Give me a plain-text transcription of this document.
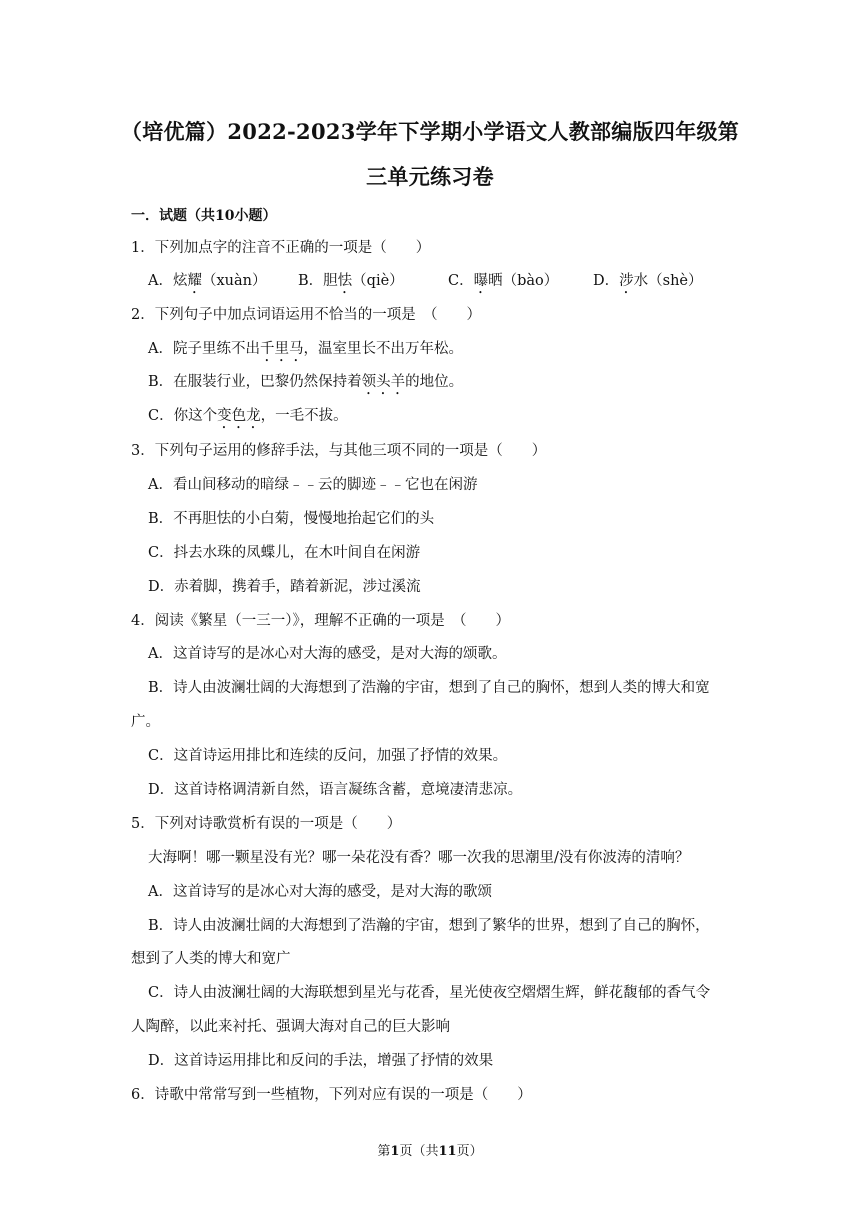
（培优篇）2022-2023学年下学期小学语文人教部编版四年级第
三单元练习卷
一．试题（共10小题）
1．下列加点字的注音不正确的一项是（　　）
A．炫耀（xuàn） B．胆怯（qiè）	C．曝晒（bào） D．涉水（shè）
2．下列句子中加点词语运用不恰当的一项是　（　　）
A．院子里练不出千里马，温室里长不出万年松。
B．在服装行业，巴黎仍然保持着领头羊的地位。
C．你这个变色龙，一毛不拔。
3．下列句子运用的修辞手法，与其他三项不同的一项是（　　）
A．看山间移动的暗绿﹣﹣云的脚迹﹣﹣它也在闲游
B．不再胆怯的小白菊，慢慢地抬起它们的头
C．抖去水珠的凤蝶儿，在木叶间自在闲游
D．赤着脚，携着手，踏着新泥，涉过溪流
4．阅读《繁星（一三一）》，理解不正确的一项是　（　　）
A．这首诗写的是冰心对大海的感受，是对大海的颂歌。
B．诗人由波澜壮阔的大海想到了浩瀚的宇宙，想到了自己的胸怀，想到人类的博大和宽
广。
C．这首诗运用排比和连续的反问，加强了抒情的效果。
D．这首诗格调清新自然，语言凝练含蓄，意境凄清悲凉。
5．下列对诗歌赏析有误的一项是（　　）
大海啊！哪一颗星没有光？哪一朵花没有香？哪一次我的思潮里/没有你波涛的清响？
A．这首诗写的是冰心对大海的感受，是对大海的歌颂
B．诗人由波澜壮阔的大海想到了浩瀚的宇宙，想到了繁华的世界，想到了自己的胸怀，
想到了人类的博大和宽广
C．诗人由波澜壮阔的大海联想到星光与花香，星光使夜空熠熠生辉，鲜花馥郁的香气令
人陶醉，以此来衬托、强调大海对自己的巨大影响
D．这首诗运用排比和反问的手法，增强了抒情的效果
6．诗歌中常常写到一些植物，下列对应有误的一项是（　　）
第1页（共11页）
